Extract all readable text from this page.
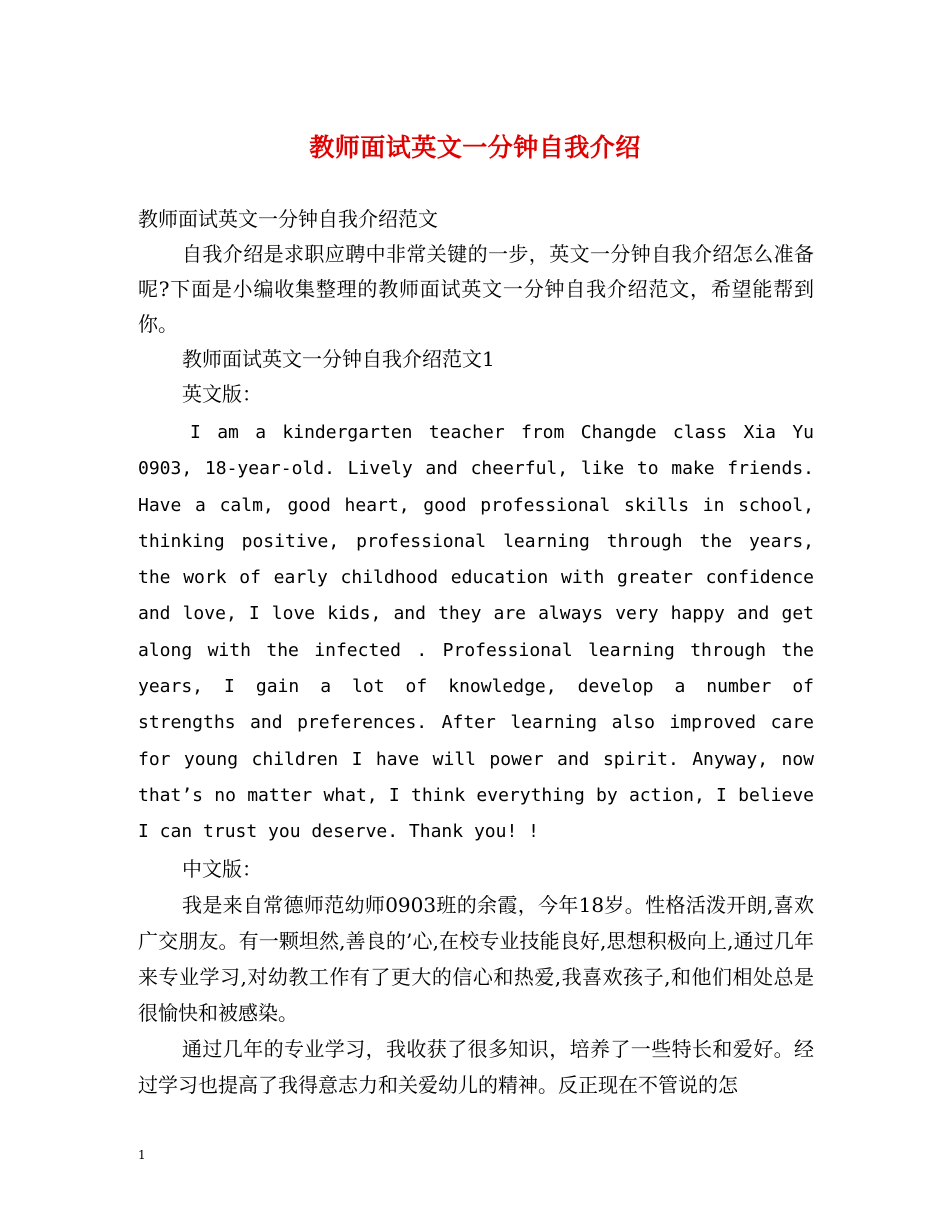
教师面试英文一分钟自我介绍

教师面试英文一分钟自我介绍范文

自我介绍是求职应聘中非常关键的一步，英文一分钟自我介绍怎么准备呢?下面是小编收集整理的教师面试英文一分钟自我介绍范文，希望能帮到你。

教师面试英文一分钟自我介绍范文1

英文版：

I am a kindergarten teacher from Changde class Xia Yu 0903, 18-year-old. Lively and cheerful, like to make friends. Have a calm, good heart, good professional skills in school, thinking positive, professional learning through the years, the work of early childhood education with greater confidence and love, I love kids, and they are always very happy and get along with the infected . Professional learning through the years, I gain a lot of knowledge, develop a number of strengths and preferences. After learning also improved care for young children I have will power and spirit. Anyway, now that’s no matter what, I think everything by action, I believe I can trust you deserve. Thank you! !

中文版：

我是来自常德师范幼师0903班的余霞，今年18岁。性格活泼开朗,喜欢广交朋友。有一颗坦然,善良的’心,在校专业技能良好,思想积极向上,通过几年来专业学习,对幼教工作有了更大的信心和热爱,我喜欢孩子,和他们相处总是很愉快和被感染。

通过几年的专业学习，我收获了很多知识，培养了一些特长和爱好。经过学习也提高了我得意志力和关爱幼儿的精神。反正现在不管说的怎

1
